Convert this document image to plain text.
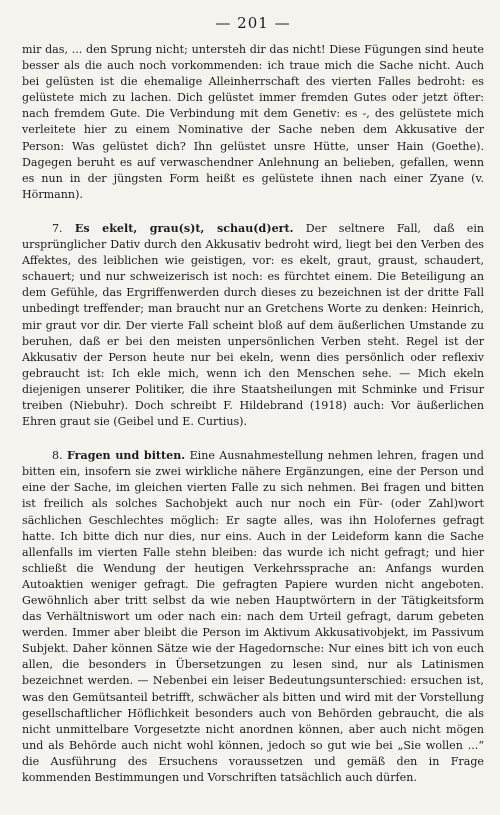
— 201 —

mir das, ... den Sprung nicht; untersteh dir das nicht! Diese Fügungen sind heute besser als die auch noch vorkommenden: ich traue mich die Sache nicht. Auch bei gelüsten ist die ehemalige Alleinherrschaft des vierten Falles bedroht: es gelüstete mich zu lachen. Dich gelüstet immer fremden Gutes oder jetzt öfter: nach fremdem Gute. Die Verbindung mit dem Genetiv: es -, des gelüstete mich verleitete hier zu einem Nominative der Sache neben dem Akkusative der Person: Was gelüstet dich? Ihn gelüstet unsre Hütte, unser Hain (Goethe). Dagegen beruht es auf verwaschendner Anlehnung an belieben, gefallen, wenn es nun in der jüngsten Form heißt es gelüstete ihnen nach einer Zyane (v. Hörmann).

7. Es ekelt, grau(s)t, schau(d)ert. Der seltnere Fall, daß ein ursprünglicher Dativ durch den Akkusativ bedroht wird, liegt bei den Verben des Affektes, des leiblichen wie geistigen, vor: es ekelt, graut, graust, schaudert, schauert; und nur schweizerisch ist noch: es fürchtet einem. Die Beteiligung an dem Gefühle, das Ergriffenwerden durch dieses zu bezeichnen ist der dritte Fall unbedingt treffender; man braucht nur an Gretchens Worte zu denken: Heinrich, mir graut vor dir. Der vierte Fall scheint bloß auf dem äußerlichen Umstande zu beruhen, daß er bei den meisten unpersönlichen Verben steht. Regel ist der Akkusativ der Person heute nur bei ekeln, wenn dies persönlich oder reflexiv gebraucht ist: Ich ekle mich, wenn ich den Menschen sehe. — Mich ekeln diejenigen unserer Politiker, die ihre Staatsheilungen mit Schminke und Frisur treiben (Niebuhr). Doch schreibt F. Hildebrand (1918) auch: Vor äußerlichen Ehren graut sie (Geibel und E. Curtius).
8. Fragen und bitten. Eine Ausnahmestellung nehmen lehren, fragen und bitten ein, insofern sie zwei wirkliche nähere Ergänzungen, eine der Person und eine der Sache, im gleichen vierten Falle zu sich nehmen. Bei fragen und bitten ist freilich als solches Sachobjekt auch nur noch ein Für- (oder Zahl)wort sächlichen Geschlechtes möglich: Er sagte alles, was ihn Holofernes gefragt hatte. Ich bitte dich nur dies, nur eins. Auch in der Leideform kann die Sache allenfalls im vierten Falle stehn bleiben: das wurde ich nicht gefragt; und hier schließt die Wendung der heutigen Verkehrssprache an: Anfangs wurden Autoaktien weniger gefragt. Die gefragten Papiere wurden nicht angeboten. Gewöhnlich aber tritt selbst da wie neben Hauptwörtern in der Tätigkeitsform das Verhältniswort um oder nach ein: nach dem Urteil gefragt, darum gebeten werden. Immer aber bleibt die Person im Aktivum Akkusativobjekt, im Passivum Subjekt. Daher können Sätze wie der Hagedornsche: Nur eines bitt ich von euch allen, die besonders in Übersetzungen zu lesen sind, nur als Latinismen bezeichnet werden. — Nebenbei ein leiser Bedeutungsunterschied: ersuchen ist, was den Gemütsanteil betrifft, schwächer als bitten und wird mit der Vorstellung gesellschaftlicher Höflichkeit besonders auch von Behörden gebraucht, die als nicht unmittelbare Vorgesetzte nicht anordnen können, aber auch nicht mögen und als Behörde auch nicht wohl können, jedoch so gut wie bei „Sie wollen ...“ die Ausführung des Ersuchens voraussetzen und gemäß den in Frage kommenden Bestimmungen und Vorschriften tatsächlich auch dürfen.
